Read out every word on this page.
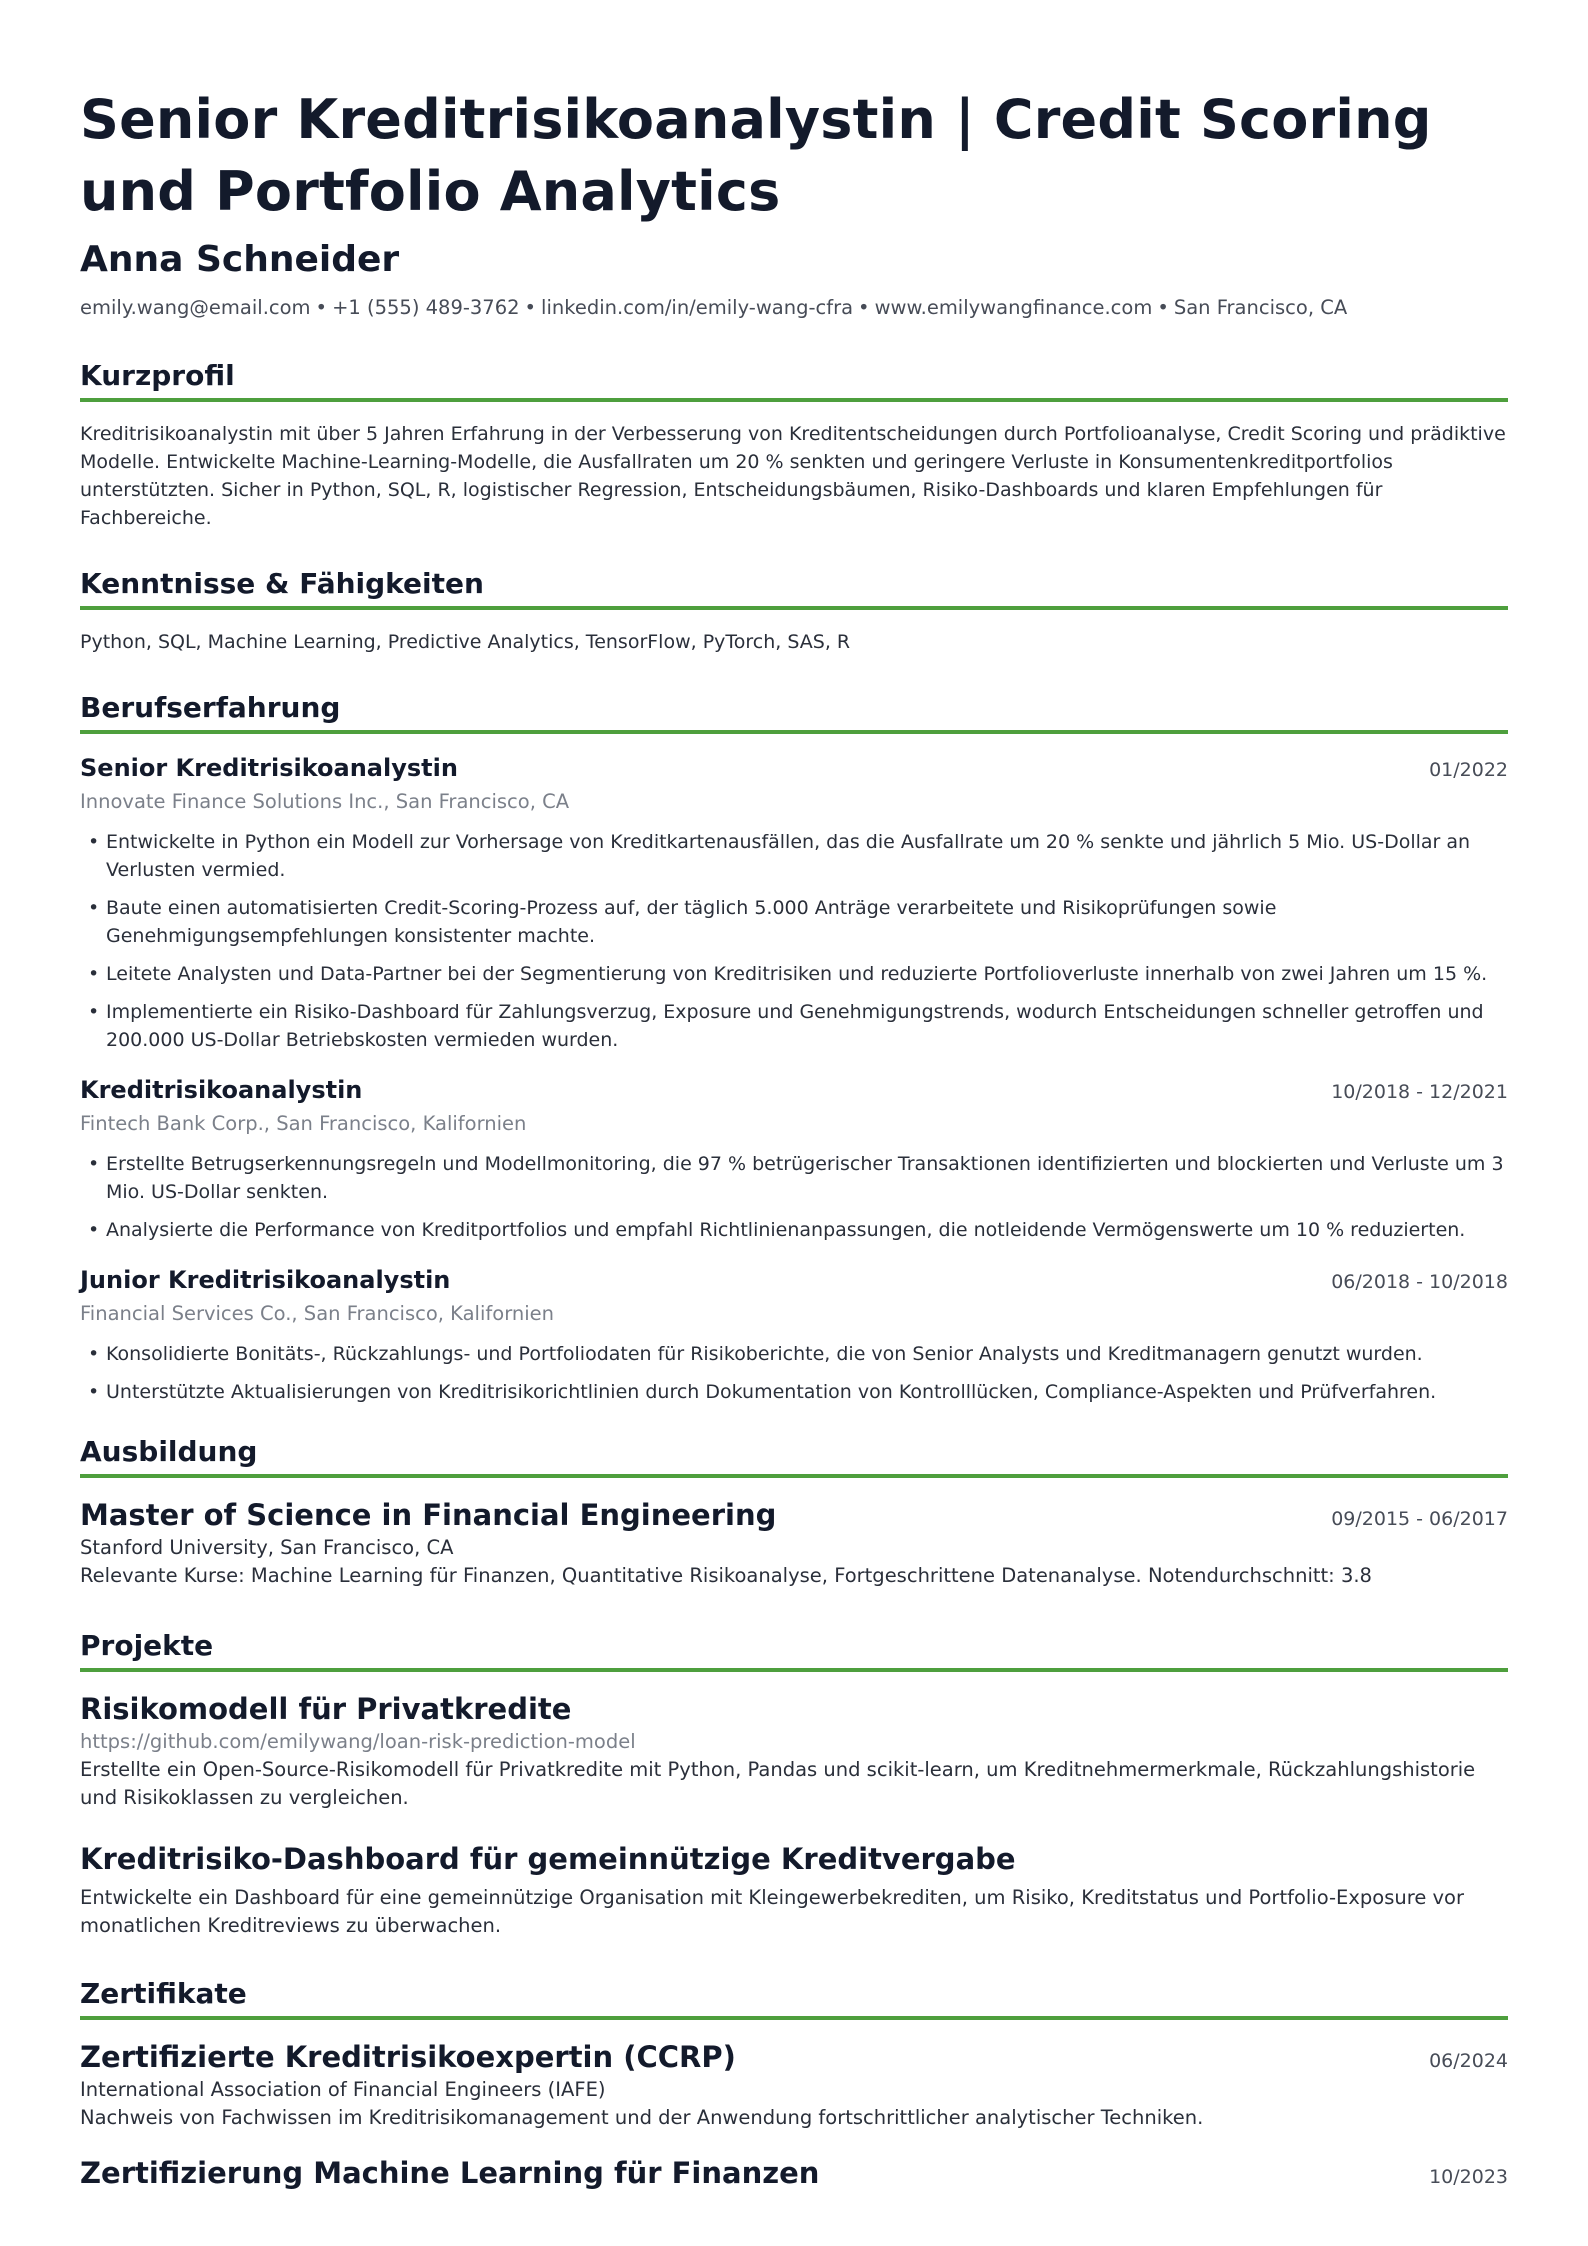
Senior Kreditrisikoanalystin | Credit Scoring und Portfolio Analytics
Anna Schneider
emily.wang@email.com • +1 (555) 489-3762 • linkedin.com/in/emily-wang-cfra • www.emilywangfinance.com • San Francisco, CA
Kurzprofil

Kreditrisikoanalystin mit über 5 Jahren Erfahrung in der Verbesserung von Kreditentscheidungen durch Portfolioanalyse, Credit Scoring und prädiktive Modelle. Entwickelte Machine-Learning-Modelle, die Ausfallraten um 20 % senkten und geringere Verluste in Konsumentenkreditportfolios unterstützten. Sicher in Python, SQL, R, logistischer Regression, Entscheidungsbäumen, Risiko-Dashboards und klaren Empfehlungen für Fachbereiche.

Kenntnisse & Fähigkeiten

Python, SQL, Machine Learning, Predictive Analytics, TensorFlow, PyTorch, SAS, R

Berufserfahrung
Senior Kreditrisikoanalystin	01/2022
Innovate Finance Solutions Inc., San Francisco, CA
• Entwickelte in Python ein Modell zur Vorhersage von Kreditkartenausfällen, das die Ausfallrate um 20 % senkte und jährlich 5 Mio. US-Dollar an Verlusten vermied.
• Baute einen automatisierten Credit-Scoring-Prozess auf, der täglich 5.000 Anträge verarbeitete und Risikoprüfungen sowie Genehmigungsempfehlungen konsistenter machte.
• Leitete Analysten und Data-Partner bei der Segmentierung von Kreditrisiken und reduzierte Portfolioverluste innerhalb von zwei Jahren um 15 %.
• Implementierte ein Risiko-Dashboard für Zahlungsverzug, Exposure und Genehmigungstrends, wodurch Entscheidungen schneller getroffen und 200.000 US-Dollar Betriebskosten vermieden wurden.
Kreditrisikoanalystin	10/2018 - 12/2021
Fintech Bank Corp., San Francisco, Kalifornien
• Erstellte Betrugserkennungsregeln und Modellmonitoring, die 97 % betrügerischer Transaktionen identifizierten und blockierten und Verluste um 3 Mio. US-Dollar senkten.
• Analysierte die Performance von Kreditportfolios und empfahl Richtlinienanpassungen, die notleidende Vermögenswerte um 10 % reduzierten.
Junior Kreditrisikoanalystin	06/2018 - 10/2018
Financial Services Co., San Francisco, Kalifornien
• Konsolidierte Bonitäts-, Rückzahlungs- und Portfoliodaten für Risikoberichte, die von Senior Analysts und Kreditmanagern genutzt wurden.
• Unterstützte Aktualisierungen von Kreditrisikorichtlinien durch Dokumentation von Kontrolllücken, Compliance-Aspekten und Prüfverfahren.
Ausbildung
Master of Science in Financial Engineering	09/2015 - 06/2017
Stanford University, San Francisco, CA
Relevante Kurse: Machine Learning für Finanzen, Quantitative Risikoanalyse, Fortgeschrittene Datenanalyse. Notendurchschnitt: 3.8
Projekte
Risikomodell für Privatkredite
https://github.com/emilywang/loan-risk-prediction-model
Erstellte ein Open-Source-Risikomodell für Privatkredite mit Python, Pandas und scikit-learn, um Kreditnehmermerkmale, Rückzahlungshistorie und Risikoklassen zu vergleichen.
Kreditrisiko-Dashboard für gemeinnützige Kreditvergabe
Entwickelte ein Dashboard für eine gemeinnützige Organisation mit Kleingewerbekrediten, um Risiko, Kreditstatus und Portfolio-Exposure vor monatlichen Kreditreviews zu überwachen.
Zertifikate
Zertifizierte Kreditrisikoexpertin (CCRP)	06/2024
International Association of Financial Engineers (IAFE)
Nachweis von Fachwissen im Kreditrisikomanagement und der Anwendung fortschrittlicher analytischer Techniken.
Zertifizierung Machine Learning für Finanzen	10/2023
